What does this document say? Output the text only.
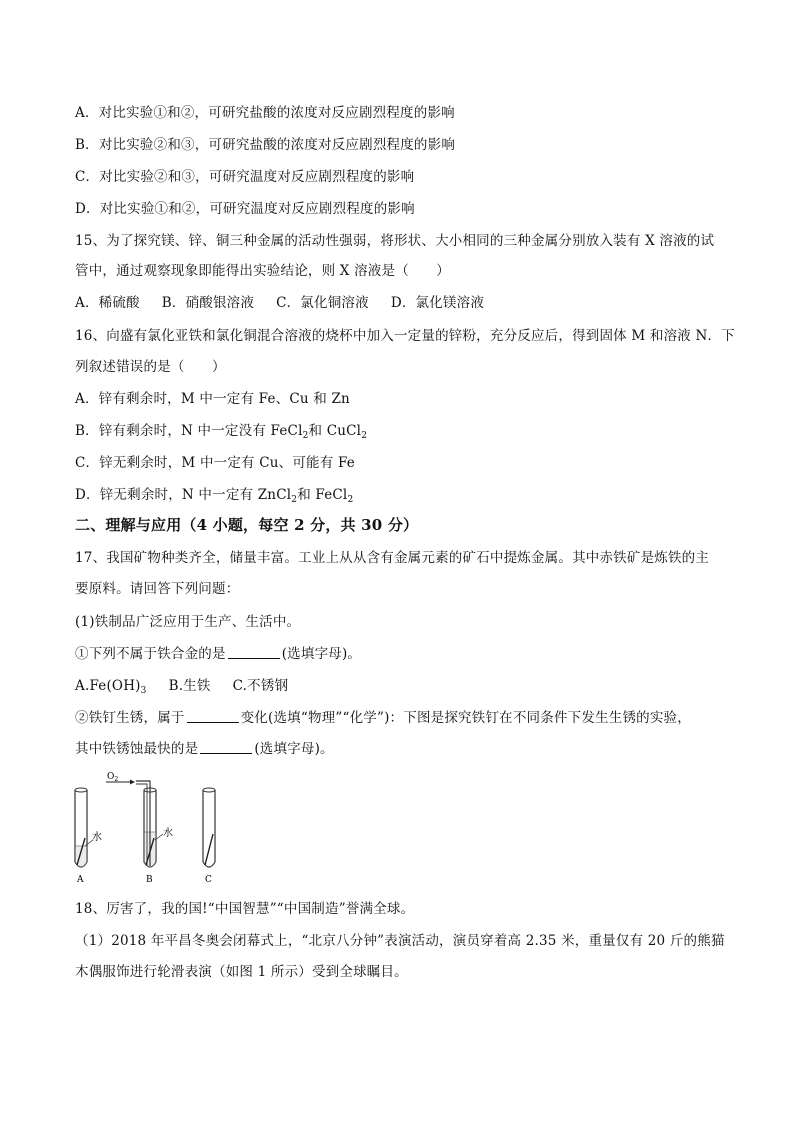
A．对比实验①和②，可研究盐酸的浓度对反应剧烈程度的影响
B．对比实验②和③，可研究盐酸的浓度对反应剧烈程度的影响
C．对比实验②和③，可研究温度对反应剧烈程度的影响
D．对比实验①和②，可研究温度对反应剧烈程度的影响
15、为了探究镁、锌、铜三种金属的活动性强弱，将形状、大小相同的三种金属分别放入装有 X 溶液的试
管中，通过观察现象即能得出实验结论，则 X 溶液是（　　）
A．稀硫酸 B．硝酸银溶液 C．氯化铜溶液 D．氯化镁溶液
16、向盛有氯化亚铁和氯化铜混合溶液的烧杯中加入一定量的锌粉，充分反应后，得到固体 M 和溶液 N．下
列叙述错误的是（　　）
A．锌有剩余时，M 中一定有 Fe、Cu 和 Zn
B．锌有剩余时，N 中一定没有 FeCl$_2$和 CuCl$_2$
C．锌无剩余时，M 中一定有 Cu、可能有 Fe
D．锌无剩余时，N 中一定有 ZnCl$_2$和 FeCl$_2$
二、理解与应用（4 小题，每空 2 分，共 30 分）
17、我国矿物种类齐全，储量丰富。工业上从从含有金属元素的矿石中提炼金属。其中赤铁矿是炼铁的主
要原料。请回答下列问题：
(1)铁制品广泛应用于生产、生活中。
①下列不属于铁合金的是	(选填字母)。
$A.Fe(OH)_3$ B.生铁 C.不锈钢
②铁钉生锈，属于	变化(选填“物理”“化学”)：下图是探究铁钉在不同条件下发生生锈的实验，
其中铁锈蚀最快的是	(选填字母)。
$O_2$
水	水
A	B	C
18、厉害了，我的国!“中国智慧”“中国制造”誉满全球。
（1）2018 年平昌冬奥会闭幕式上，“北京八分钟”表演活动，演员穿着高 2.35 米，重量仅有 20 斤的熊猫
木偶服饰进行轮滑表演（如图 1 所示）受到全球瞩目。
